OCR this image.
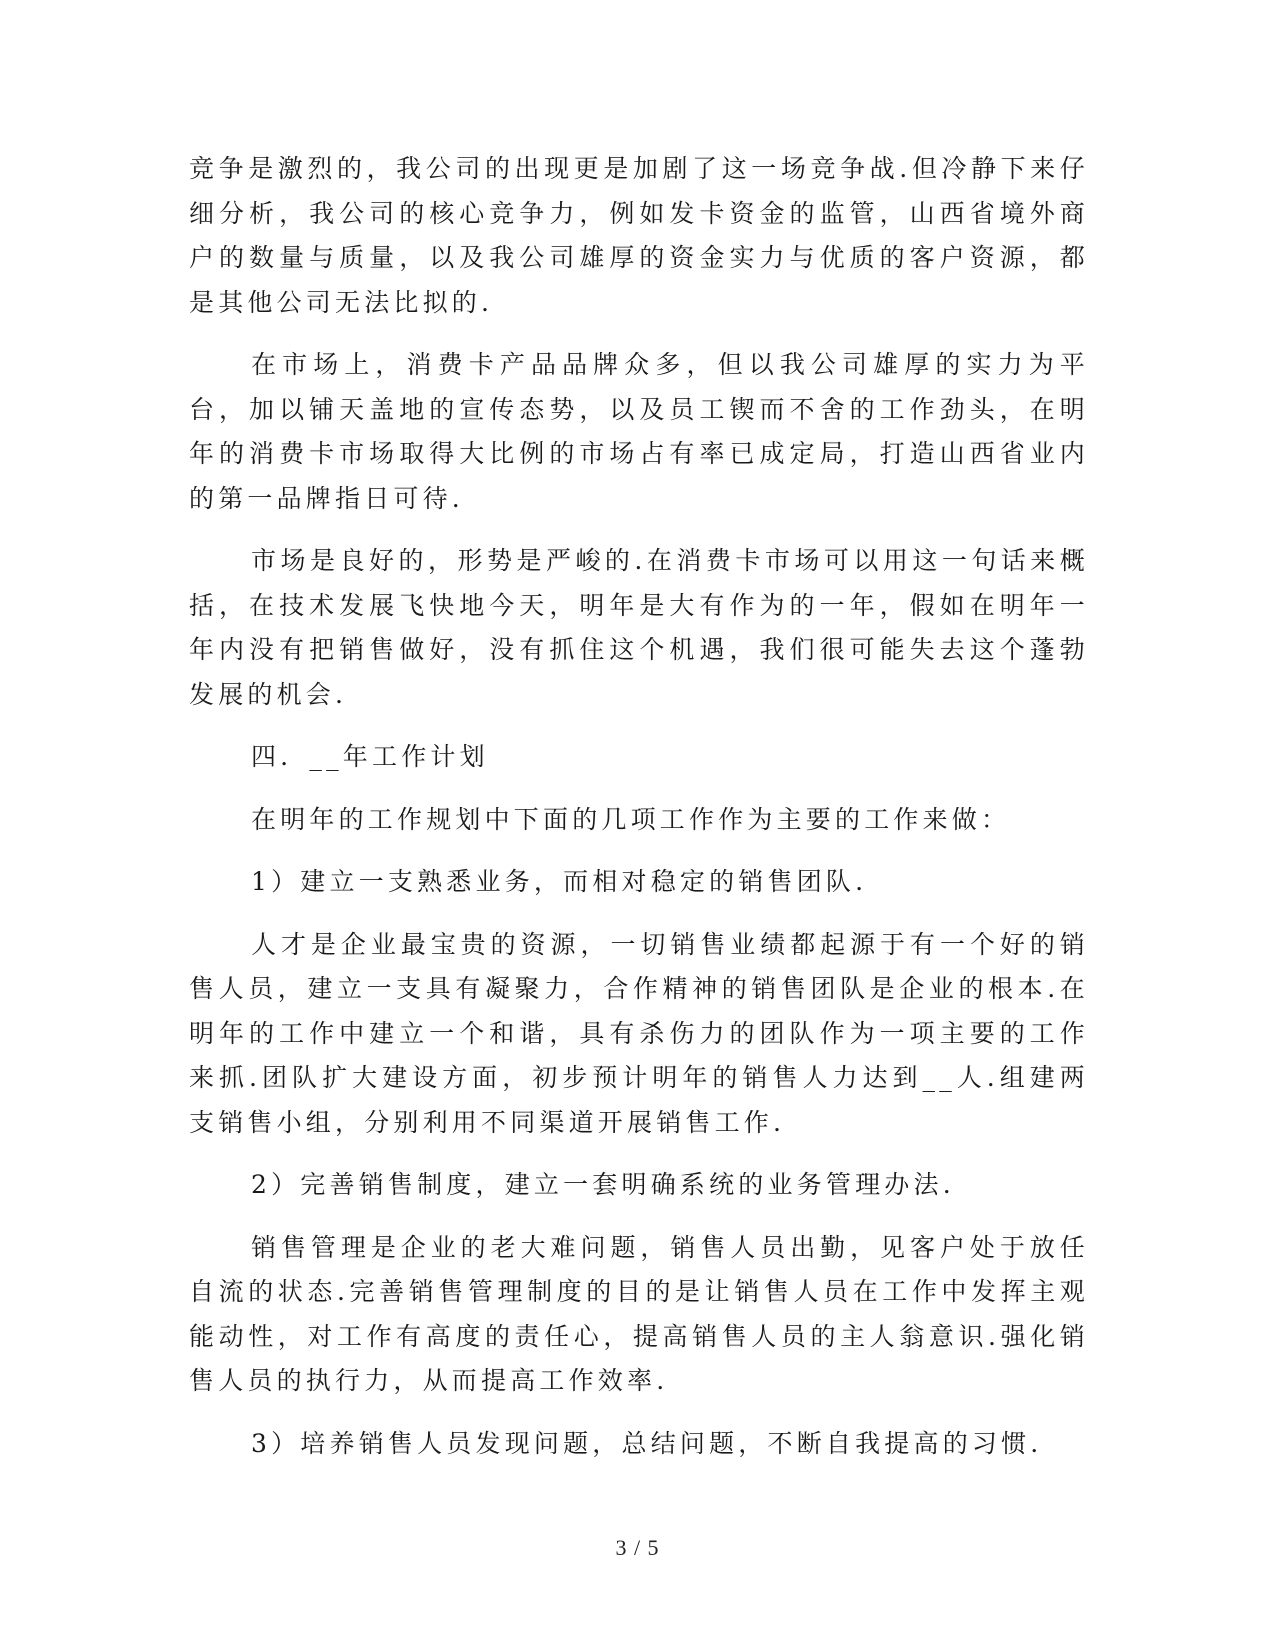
竞争是激烈的，我公司的出现更是加剧了这一场竞争战.但冷静下来仔细分析，我公司的核心竞争力，例如发卡资金的监管，山西省境外商户的数量与质量，以及我公司雄厚的资金实力与优质的客户资源，都是其他公司无法比拟的.

在市场上，消费卡产品品牌众多，但以我公司雄厚的实力为平台，加以铺天盖地的宣传态势，以及员工锲而不舍的工作劲头，在明年的消费卡市场取得大比例的市场占有率已成定局，打造山西省业内的第一品牌指日可待.

市场是良好的，形势是严峻的.在消费卡市场可以用这一句话来概括，在技术发展飞快地今天，明年是大有作为的一年，假如在明年一年内没有把销售做好，没有抓住这个机遇，我们很可能失去这个蓬勃发展的机会.

四．__年工作计划

在明年的工作规划中下面的几项工作作为主要的工作来做：

1）建立一支熟悉业务，而相对稳定的销售团队.

人才是企业最宝贵的资源，一切销售业绩都起源于有一个好的销售人员，建立一支具有凝聚力，合作精神的销售团队是企业的根本.在明年的工作中建立一个和谐，具有杀伤力的团队作为一项主要的工作来抓.团队扩大建设方面，初步预计明年的销售人力达到__人.组建两支销售小组，分别利用不同渠道开展销售工作.

2）完善销售制度，建立一套明确系统的业务管理办法.

销售管理是企业的老大难问题，销售人员出勤，见客户处于放任自流的状态.完善销售管理制度的目的是让销售人员在工作中发挥主观能动性，对工作有高度的责任心，提高销售人员的主人翁意识.强化销售人员的执行力，从而提高工作效率.

3）培养销售人员发现问题，总结问题，不断自我提高的习惯.

3 / 5
